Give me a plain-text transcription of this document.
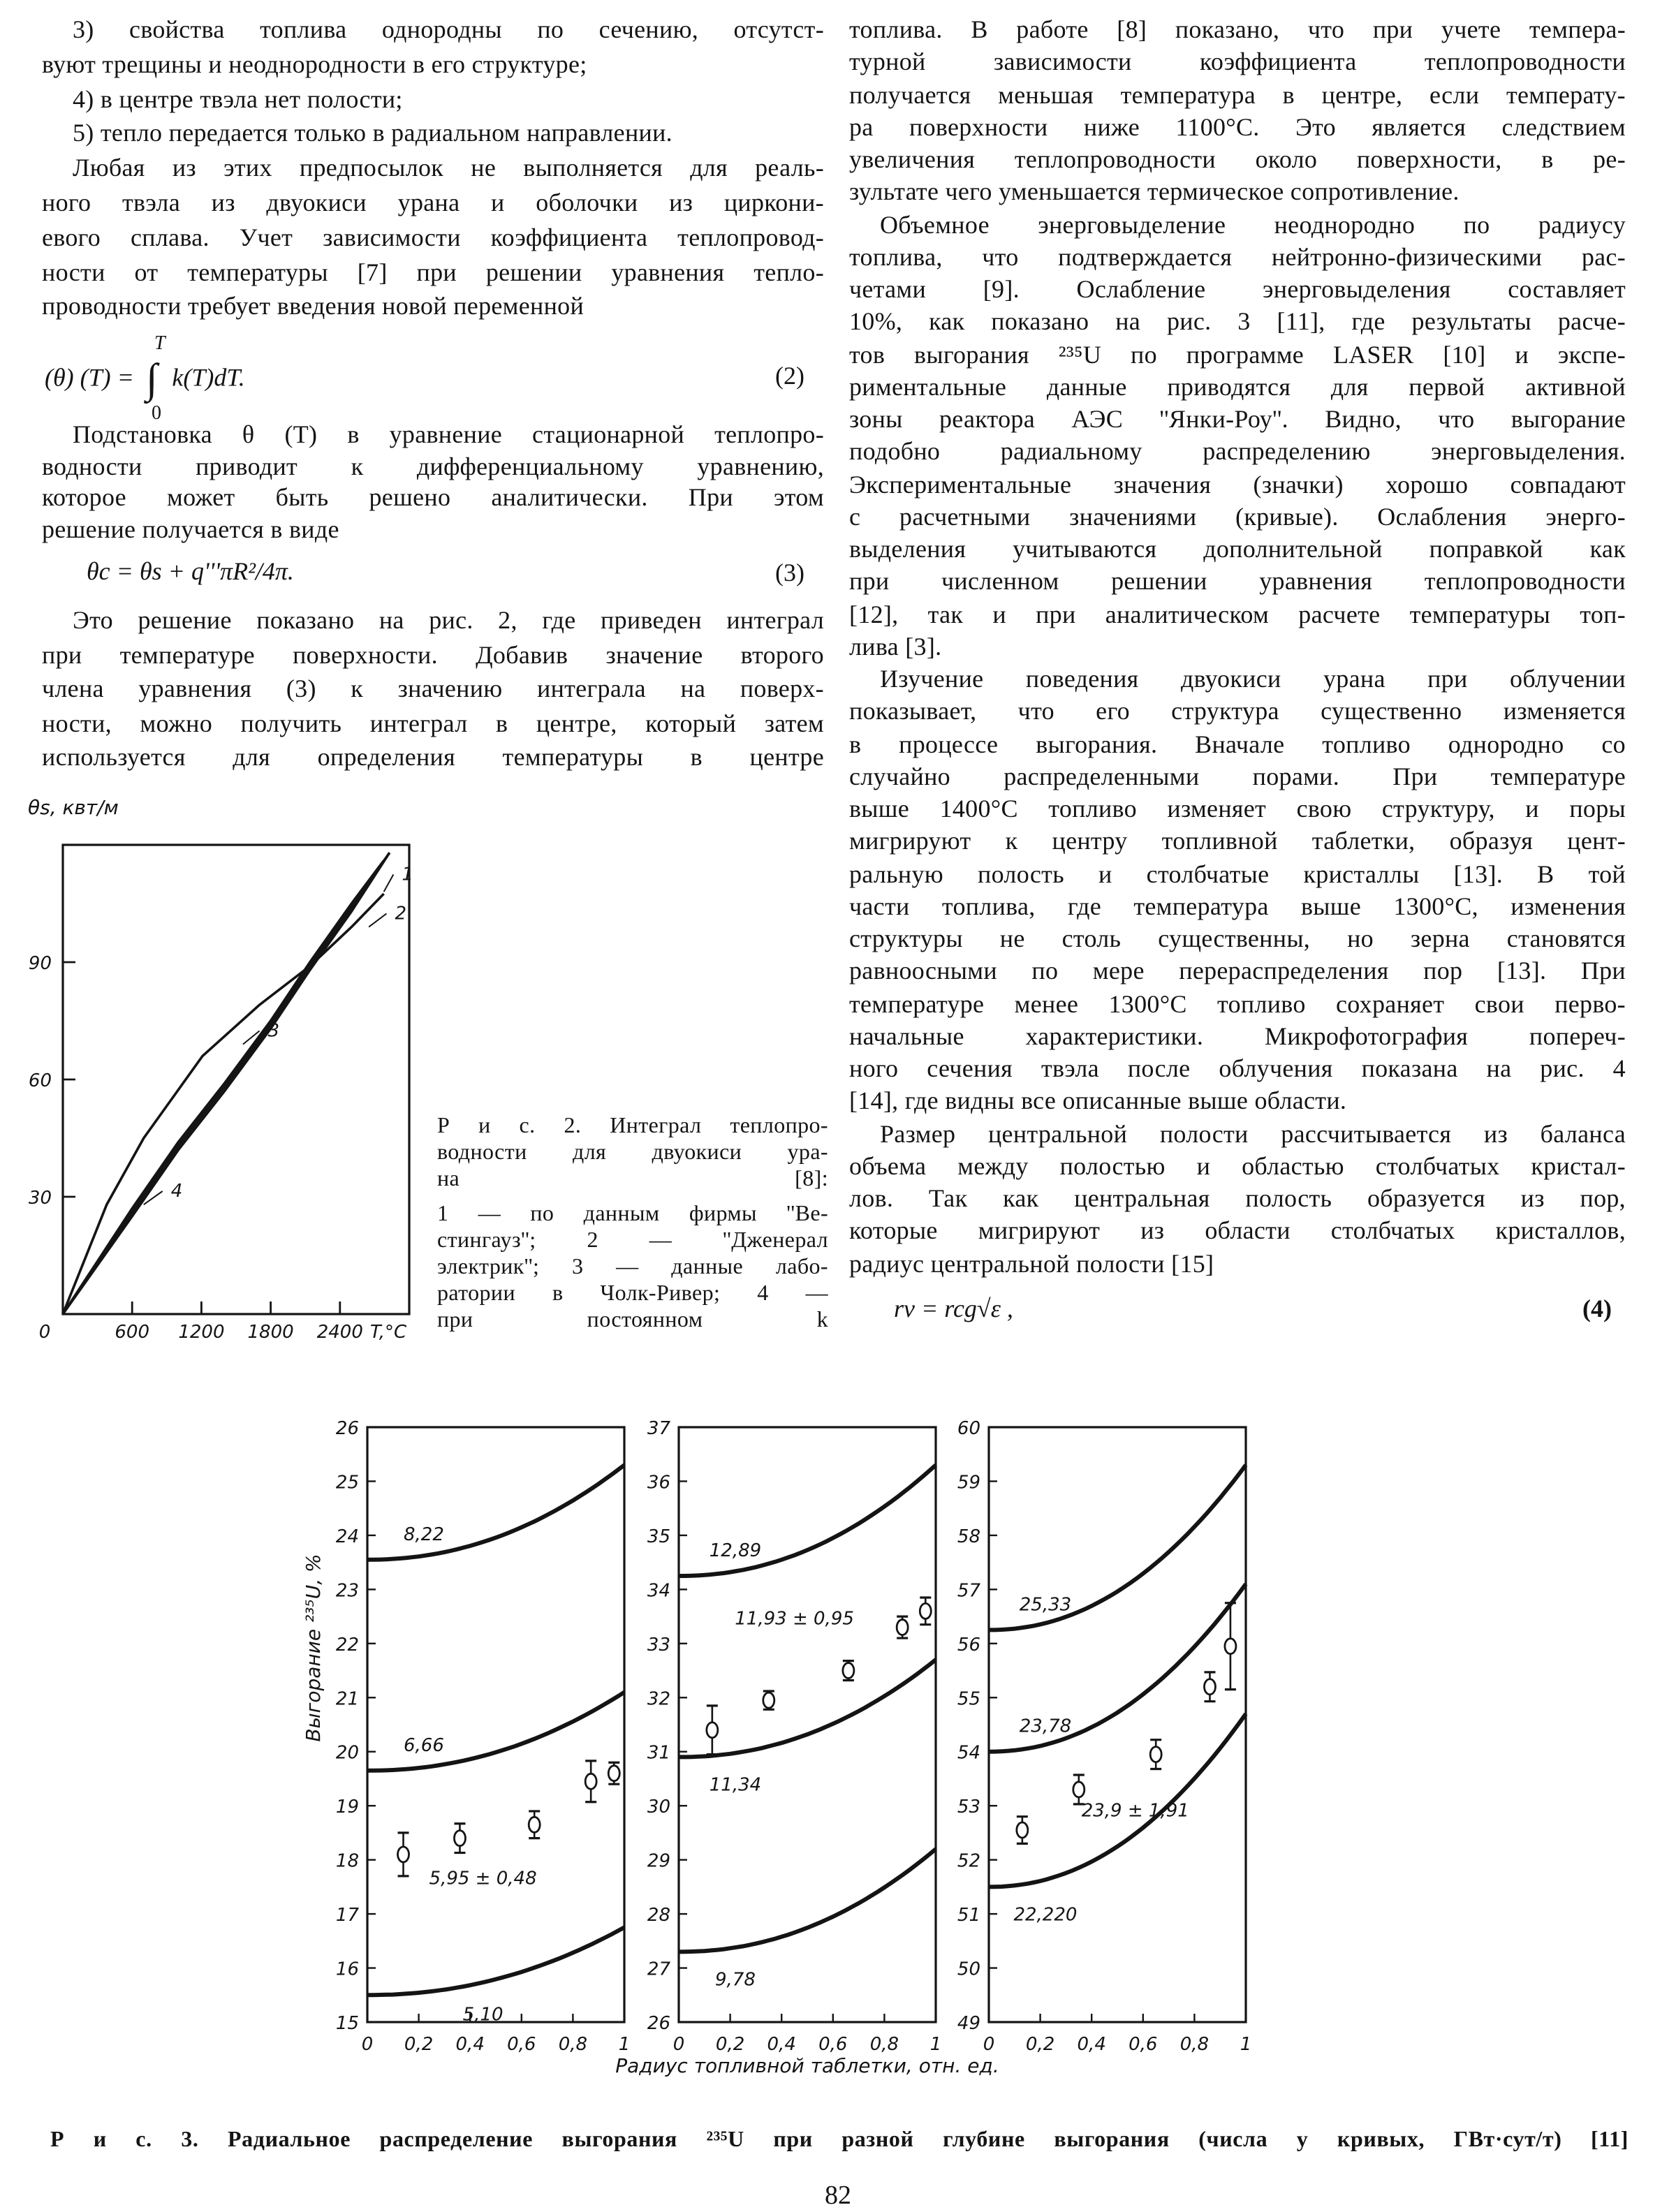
3) свойства топлива однородны по сечению, отсутст-
вуют трещины и неоднородности в его структуре;
4) в центре твэла нет полости;
5) тепло передается только в радиальном направлении.
Любая из этих предпосылок не выполняется для реаль-
ного твэла из двуокиси урана и оболочки из циркони-
евого сплава. Учет зависимости коэффициента теплопровод-
ности от температуры [7] при решении уравнения тепло-
проводности требует введения новой переменной
(θ) (T) = ∫
T
0
k(T)dT.	(2)
Подстановка θ (T) в уравнение стационарной теплопро-
водности приводит к дифференциальному уравнению,
которое может быть решено аналитически. При этом
решение получается в виде
θc = θs + q'''πR²/4π.	(3)
Это решение показано на рис. 2, где приведен интеграл
при температуре поверхности. Добавив значение второго
члена уравнения (3) к значению интеграла на поверх-
ности, можно получить интеграл в центре, который затем
используется для определения температуры в центре
топлива. В работе [8] показано, что при учете темпера-
турной зависимости коэффициента теплопроводности
получается меньшая температура в центре, если температу-
ра поверхности ниже 1100°С. Это является следствием
увеличения теплопроводности около поверхности, в ре-
зультате чего уменьшается термическое сопротивление.
Объемное энерговыделение неоднородно по радиусу
топлива, что подтверждается нейтронно-физическими рас-
четами [9]. Ослабление энерговыделения составляет
10%, как показано на рис. 3 [11], где результаты расче-
тов выгорания ²³⁵U по программе LASER [10] и экспе-
риментальные данные приводятся для первой активной
зоны реактора АЭС ''Янки-Роу''. Видно, что выгорание
подобно радиальному распределению энерговыделения.
Экспериментальные значения (значки) хорошо совпадают
с расчетными значениями (кривые). Ослабления энерго-
выделения учитываются дополнительной поправкой как
при численном решении уравнения теплопроводности
[12], так и при аналитическом расчете температуры топ-
лива [3].
Изучение поведения двуокиси урана при облучении
показывает, что его структура существенно изменяется
в процессе выгорания. Вначале топливо однородно со
случайно распределенными порами. При температуре
выше 1400°С топливо изменяет свою структуру, и поры
мигрируют к центру топливной таблетки, образуя цент-
ральную полость и столбчатые кристаллы [13]. В той
части топлива, где температура выше 1300°С, изменения
структуры не столь существенны, но зерна становятся
равноосными по мере перераспределения пор [13]. При
температуре менее 1300°С топливо сохраняет свои перво-
начальные характеристики. Микрофотография попереч-
ного сечения твэла после облучения показана на рис. 4
[14], где видны все описанные выше области.
Размер центральной полости рассчитывается из баланса
объема между полостью и областью столбчатых кристал-
лов. Так как центральная полость образуется из пор,
которые мигрируют из области столбчатых кристаллов,
радиус центральной полости [15]
rv = rcg√ε ,	(4)
Р и с. 2. Интеграл теплопро-
водности для двуокиси ура-
на [8]:
1 — по данным фирмы ''Ве-
стингауз''; 2 — ''Дженерал
электрик''; 3 — данные лабо-
ратории в Чолк-Ривер; 4 —
при постоянном k
θs, квт/м
30
60
90
0	600	1200	1800	2400 T,°C
1
2
3
4
15
16
17
18
19
20
21
22
23
24
25
26
0	0,2 0,4 0,6 0,8	1
8,22
6,66
5,10
5,95 ± 0,48
26
27
28
29
30
31
32
33
34
35
36
37
0	0,2 0,4 0,6 0,8	1
12,89
11,34
9,78
11,93 ± 0,95
49
50
51
52
53
54
55
56
57
58
59
60
0	0,2 0,4 0,6 0,8	1
25,33
23,78
22,220
23,9 ± 1,91
Выгорание ²³⁵U, %
Радиус топливной таблетки, отн. ед.
Р и с. 3. Радиальное распределение выгорания ²³⁵U при разной глубине выгорания (числа у кривых, ГВт·сут/т) [11]
82
